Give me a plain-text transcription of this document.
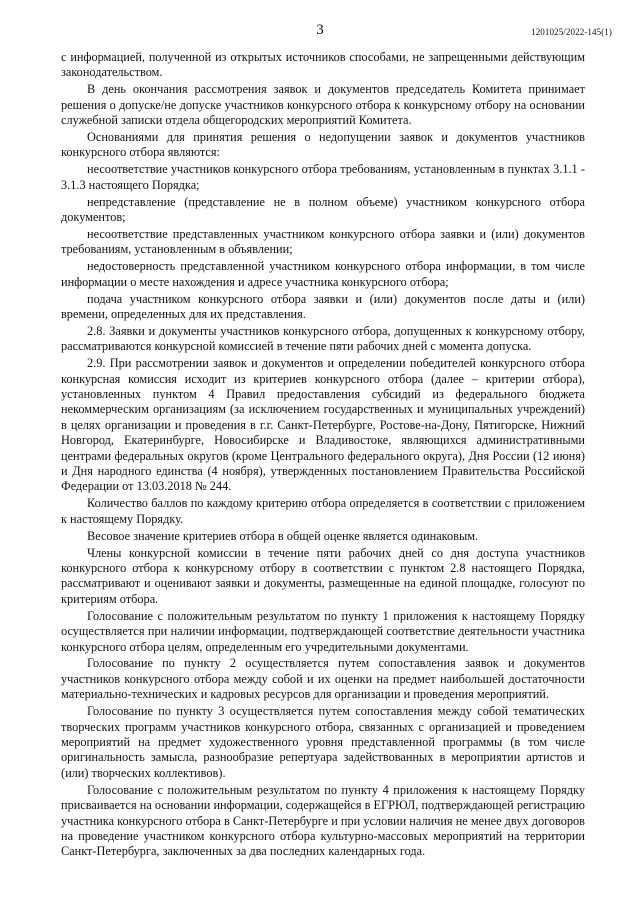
3	1201025/2022-145(1)

с информацией, полученной из открытых источников способами, не запрещенными действующим законодательством.

В день окончания рассмотрения заявок и документов председатель Комитета принимает решения о допуске/не допуске участников конкурсного отбора к конкурсному отбору на основании служебной записки отдела общегородских мероприятий Комитета.

Основаниями для принятия решения о недопущении заявок и документов участников конкурсного отбора являются:

несоответствие участников конкурсного отбора требованиям, установленным в пунктах 3.1.1 - 3.1.3 настоящего Порядка;

непредставление (представление не в полном объеме) участником конкурсного отбора документов;

несоответствие представленных участником конкурсного отбора заявки и (или) документов требованиям, установленным в объявлении;

недостоверность представленной участником конкурсного отбора информации, в том числе информации о месте нахождения и адресе участника конкурсного отбора;

подача участником конкурсного отбора заявки и (или) документов после даты и (или) времени, определенных для их представления.

2.8. Заявки и документы участников конкурсного отбора, допущенных к конкурсному отбору, рассматриваются конкурсной комиссией в течение пяти рабочих дней с момента допуска.

2.9. При рассмотрении заявок и документов и определении победителей конкурсного отбора конкурсная комиссия исходит из критериев конкурсного отбора (далее – критерии отбора), установленных пунктом 4 Правил предоставления субсидий из федерального бюджета некоммерческим организациям (за исключением государственных и муниципальных учреждений) в целях организации и проведения в г.г. Санкт-Петербурге, Ростове-на-Дону, Пятигорске, Нижний Новгород, Екатеринбурге, Новосибирске и Владивостоке, являющихся административными центрами федеральных округов (кроме Центрального федерального округа), Дня России (12 июня) и Дня народного единства (4 ноября), утвержденных постановлением Правительства Российской Федерации от 13.03.2018 № 244.

Количество баллов по каждому критерию отбора определяется в соответствии с приложением к настоящему Порядку.

Весовое значение критериев отбора в общей оценке является одинаковым.

Члены конкурсной комиссии в течение пяти рабочих дней со дня доступа участников конкурсного отбора к конкурсному отбору в соответствии с пунктом 2.8 настоящего Порядка, рассматривают и оценивают заявки и документы, размещенные на единой площадке, голосуют по критериям отбора.

Голосование с положительным результатом по пункту 1 приложения к настоящему Порядку осуществляется при наличии информации, подтверждающей соответствие деятельности участника конкурсного отбора целям, определенным его учредительными документами.

Голосование по пункту 2 осуществляется путем сопоставления заявок и документов участников конкурсного отбора между собой и их оценки на предмет наибольшей достаточности материально-технических и кадровых ресурсов для организации и проведения мероприятий.

Голосование по пункту 3 осуществляется путем сопоставления между собой тематических творческих программ участников конкурсного отбора, связанных с организацией и проведением мероприятий на предмет художественного уровня представленной программы (в том числе оригинальность замысла, разнообразие репертуара задействованных в мероприятии артистов и (или) творческих коллективов).

Голосование с положительным результатом по пункту 4 приложения к настоящему Порядку присваивается на основании информации, содержащейся в ЕГРЮЛ, подтверждающей регистрацию участника конкурсного отбора в Санкт-Петербурге и при условии наличия не менее двух договоров на проведение участником конкурсного отбора культурно-массовых мероприятий на территории Санкт-Петербурга, заключенных за два последних календарных года.
